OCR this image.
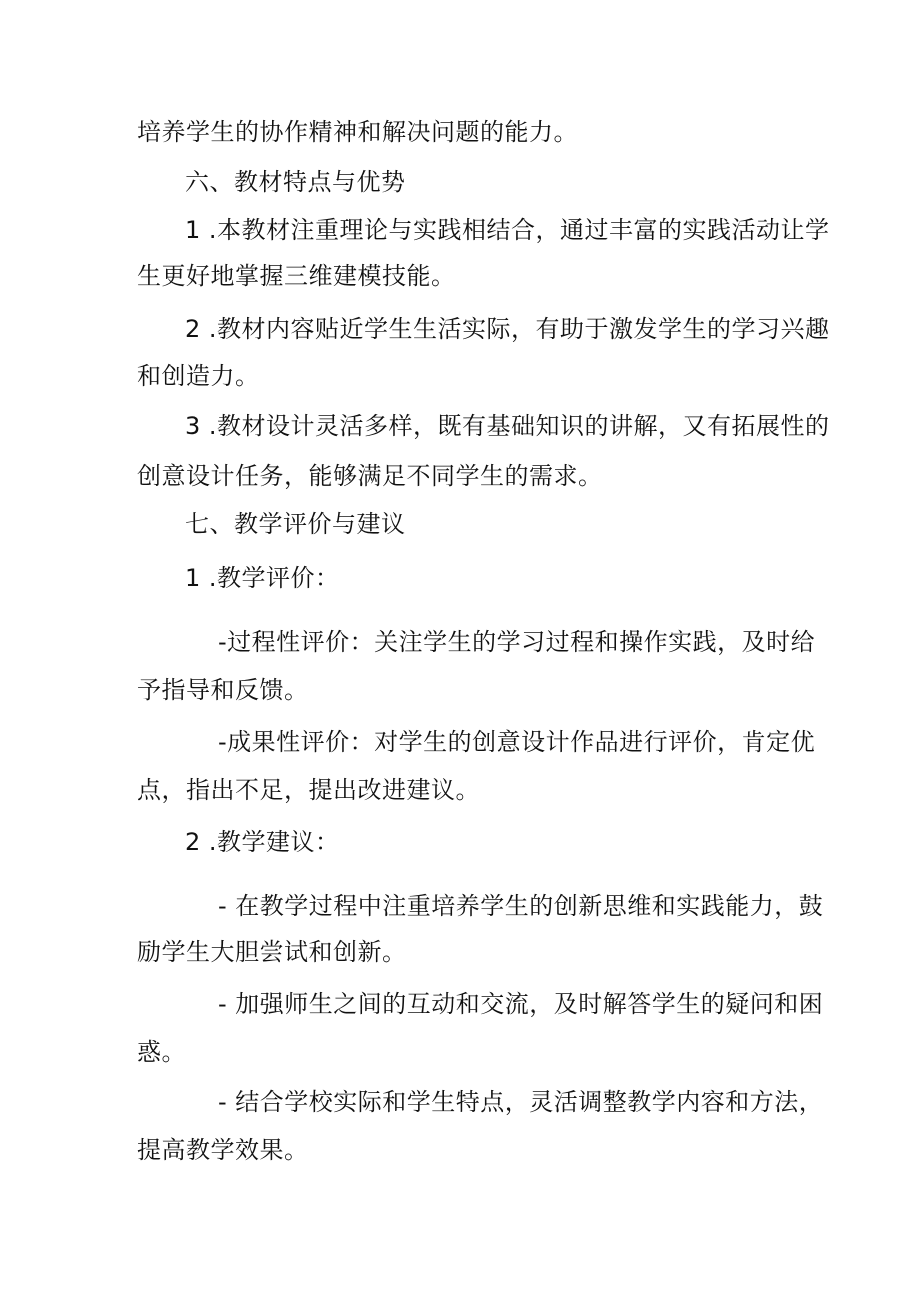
培养学生的协作精神和解决问题的能力。
六、教材特点与优势
1 .本教材注重理论与实践相结合，通过丰富的实践活动让学
生更好地掌握三维建模技能。
2 .教材内容贴近学生生活实际，有助于激发学生的学习兴趣
和创造力。
3 .教材设计灵活多样，既有基础知识的讲解，又有拓展性的
创意设计任务，能够满足不同学生的需求。
七、教学评价与建议
1 .教学评价：
-过程性评价：关注学生的学习过程和操作实践，及时给
予指导和反馈。
-成果性评价：对学生的创意设计作品进行评价，肯定优
点，指出不足，提出改进建议。
2 .教学建议：
- 在教学过程中注重培养学生的创新思维和实践能力，鼓
励学生大胆尝试和创新。
- 加强师生之间的互动和交流，及时解答学生的疑问和困
惑。
- 结合学校实际和学生特点，灵活调整教学内容和方法，
提高教学效果。
